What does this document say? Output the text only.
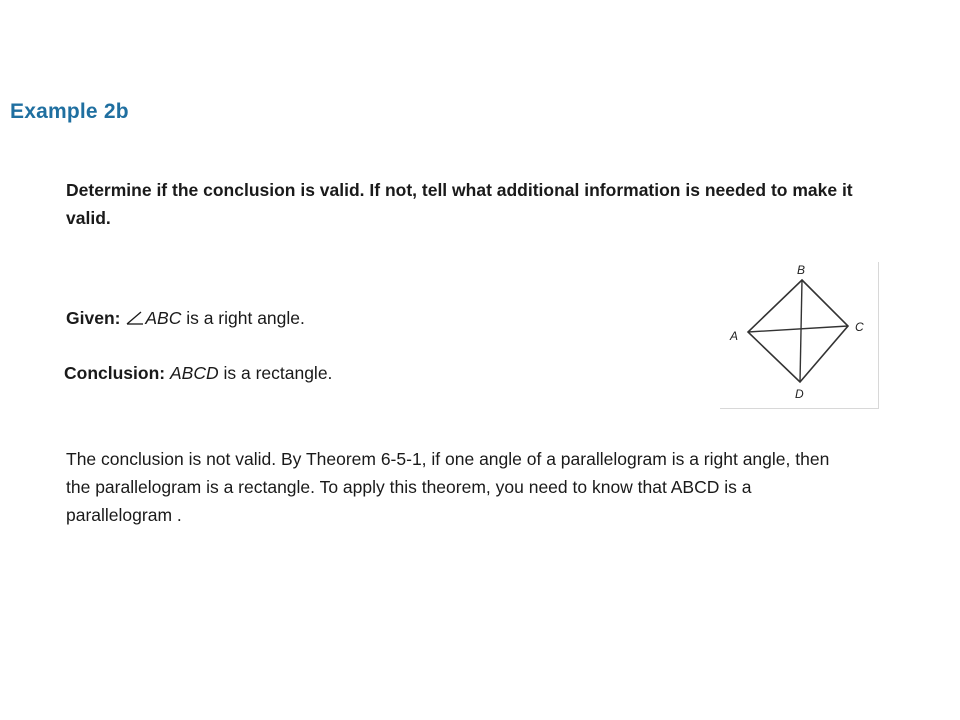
Example 2b
Determine if the conclusion is valid. If not, tell what additional information is needed to make it valid.
Given: ABC is a right angle.
Conclusion: ABCD is a rectangle.
B
C
D
A
The conclusion is not valid. By Theorem 6-5-1, if one angle of a parallelogram is a right angle, then the parallelogram is a rectangle. To apply this theorem, you need to know that ABCD is a parallelogram .
